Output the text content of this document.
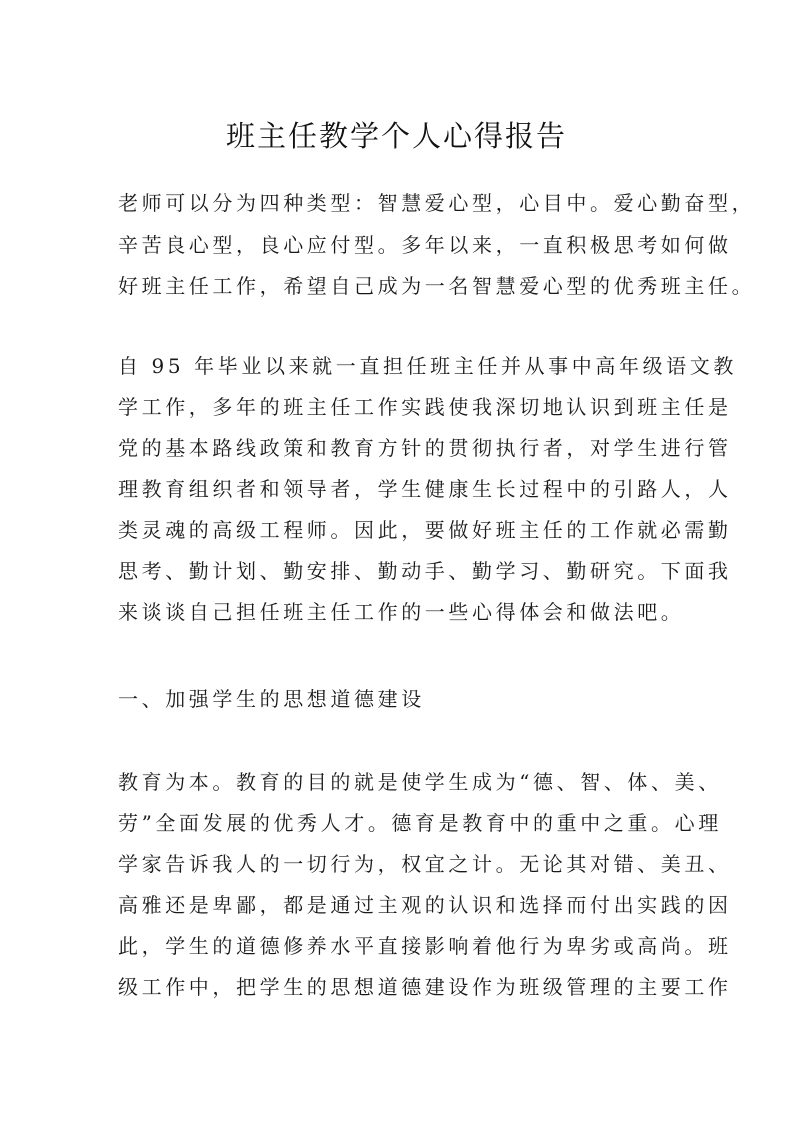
班主任教学个人心得报告
老师可以分为四种类型：智慧爱心型，心目中。爱心勤奋型，
辛苦良心型，良心应付型。多年以来，一直积极思考如何做
好班主任工作，希望自己成为一名智慧爱心型的优秀班主任。
自 95 年毕业以来就一直担任班主任并从事中高年级语文教
学工作，多年的班主任工作实践使我深切地认识到班主任是
党的基本路线政策和教育方针的贯彻执行者，对学生进行管
理教育组织者和领导者，学生健康生长过程中的引路人，人
类灵魂的高级工程师。因此，要做好班主任的工作就必需勤
思考、勤计划、勤安排、勤动手、勤学习、勤研究。下面我
来谈谈自己担任班主任工作的一些心得体会和做法吧。
一、加强学生的思想道德建设
教育为本。教育的目的就是使学生成为“德、智、体、美、
劳”全面发展的优秀人才。德育是教育中的重中之重。心理
学家告诉我人的一切行为，权宜之计。无论其对错、美丑、
高雅还是卑鄙，都是通过主观的认识和选择而付出实践的因
此，学生的道德修养水平直接影响着他行为卑劣或高尚。班
级工作中，把学生的思想道德建设作为班级管理的主要工作
